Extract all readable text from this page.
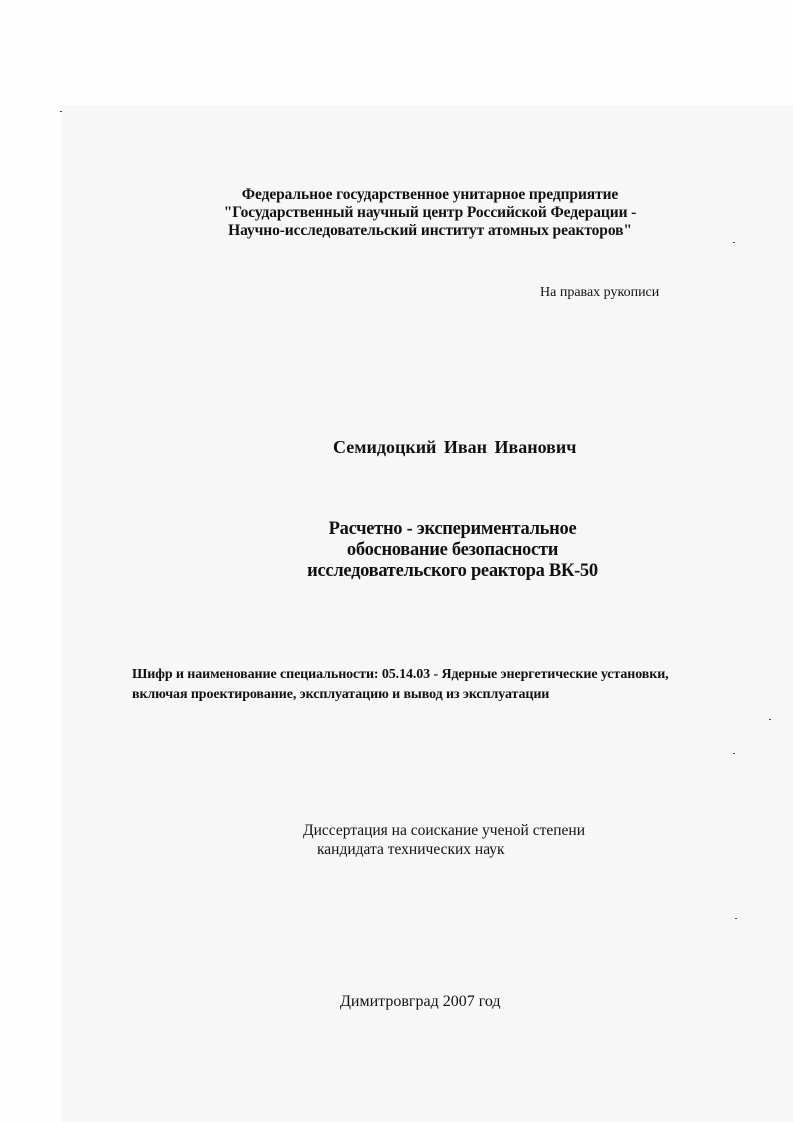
Федеральное государственное унитарное предприятие
"Государственный научный центр Российской Федерации -
Научно-исследовательский институт атомных реакторов"
На правах рукописи
Семидоцкий Иван Иванович
Расчетно - экспериментальное
обоснование безопасности
исследовательского реактора ВК-50
Шифр и наименование специальности: 05.14.03 - Ядерные энергетические установки,
включая проектирование, эксплуатацию и вывод из эксплуатации
Диссертация на соискание ученой степени
кандидата технических наук
Димитровград 2007 год
